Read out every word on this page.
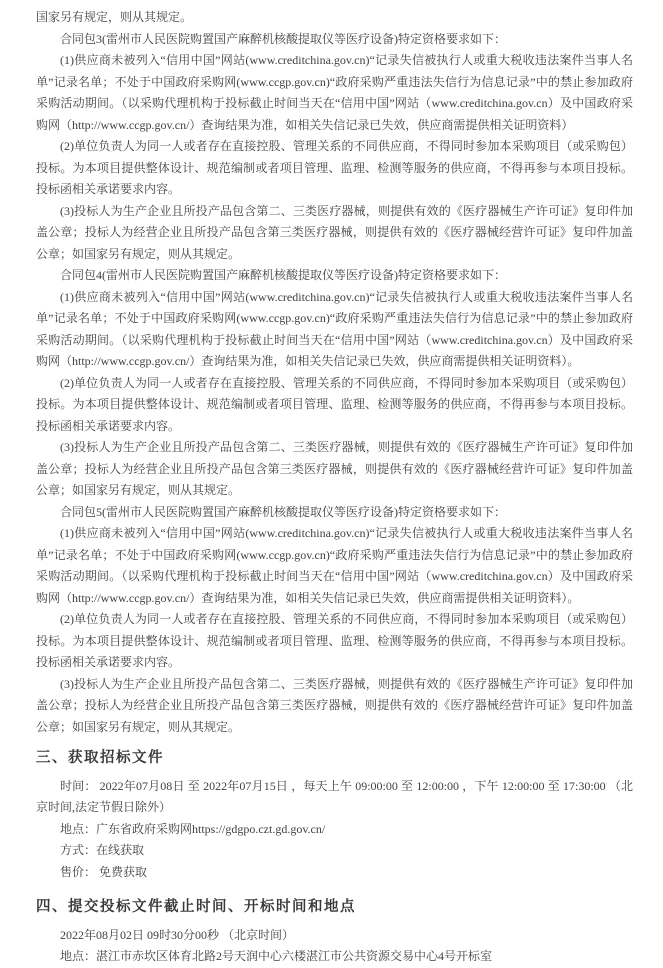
国家另有规定，则从其规定。

合同包3(雷州市人民医院购置国产麻醉机核酸提取仪等医疗设备)特定资格要求如下：

(1)供应商未被列入“信用中国”网站(www.creditchina.gov.cn)“记录失信被执行人或重大税收违法案件当事人名单”记录名单；不处于中国政府采购网(www.ccgp.gov.cn)“政府采购严重违法失信行为信息记录”中的禁止参加政府采购活动期间。（以采购代理机构于投标截止时间当天在“信用中国”网站（www.creditchina.gov.cn）及中国政府采购网（http://www.ccgp.gov.cn/）查询结果为准，如相关失信记录已失效，供应商需提供相关证明资料）

(2)单位负责人为同一人或者存在直接控股、管理关系的不同供应商，不得同时参加本采购项目（或采购包）投标。为本项目提供整体设计、规范编制或者项目管理、监理、检测等服务的供应商，不得再参与本项目投标。投标函相关承诺要求内容。

(3)投标人为生产企业且所投产品包含第二、三类医疗器械，则提供有效的《医疗器械生产许可证》复印件加盖公章；投标人为经营企业且所投产品包含第三类医疗器械，则提供有效的《医疗器械经营许可证》复印件加盖公章；如国家另有规定，则从其规定。

合同包4(雷州市人民医院购置国产麻醉机核酸提取仪等医疗设备)特定资格要求如下：

(1)供应商未被列入“信用中国”网站(www.creditchina.gov.cn)“记录失信被执行人或重大税收违法案件当事人名单”记录名单；不处于中国政府采购网(www.ccgp.gov.cn)“政府采购严重违法失信行为信息记录”中的禁止参加政府采购活动期间。（以采购代理机构于投标截止时间当天在“信用中国”网站（www.creditchina.gov.cn）及中国政府采购网（http://www.ccgp.gov.cn/）查询结果为准，如相关失信记录已失效，供应商需提供相关证明资料）。

(2)单位负责人为同一人或者存在直接控股、管理关系的不同供应商，不得同时参加本采购项目（或采购包）投标。为本项目提供整体设计、规范编制或者项目管理、监理、检测等服务的供应商，不得再参与本项目投标。投标函相关承诺要求内容。

(3)投标人为生产企业且所投产品包含第二、三类医疗器械，则提供有效的《医疗器械生产许可证》复印件加盖公章；投标人为经营企业且所投产品包含第三类医疗器械，则提供有效的《医疗器械经营许可证》复印件加盖公章；如国家另有规定，则从其规定。

合同包5(雷州市人民医院购置国产麻醉机核酸提取仪等医疗设备)特定资格要求如下：

(1)供应商未被列入“信用中国”网站(www.creditchina.gov.cn)“记录失信被执行人或重大税收违法案件当事人名单”记录名单；不处于中国政府采购网(www.ccgp.gov.cn)“政府采购严重违法失信行为信息记录”中的禁止参加政府采购活动期间。（以采购代理机构于投标截止时间当天在“信用中国”网站（www.creditchina.gov.cn）及中国政府采购网（http://www.ccgp.gov.cn/）查询结果为准，如相关失信记录已失效，供应商需提供相关证明资料）。

(2)单位负责人为同一人或者存在直接控股、管理关系的不同供应商，不得同时参加本采购项目（或采购包）投标。为本项目提供整体设计、规范编制或者项目管理、监理、检测等服务的供应商，不得再参与本项目投标。投标函相关承诺要求内容。

(3)投标人为生产企业且所投产品包含第二、三类医疗器械，则提供有效的《医疗器械生产许可证》复印件加盖公章；投标人为经营企业且所投产品包含第三类医疗器械，则提供有效的《医疗器械经营许可证》复印件加盖公章；如国家另有规定，则从其规定。

三、获取招标文件

时间： 2022年07月08日 至 2022年07月15日 ，每天上午 09:00:00 至 12:00:00 ，下午 12:00:00 至 17:30:00 （北京时间,法定节假日除外）

地点：广东省政府采购网https://gdgpo.czt.gd.gov.cn/

方式：在线获取

售价： 免费获取

四、提交投标文件截止时间、开标时间和地点

2022年08月02日 09时30分00秒 （北京时间）

地点：湛江市赤坎区体育北路2号天润中心六楼湛江市公共资源交易中心4号开标室
